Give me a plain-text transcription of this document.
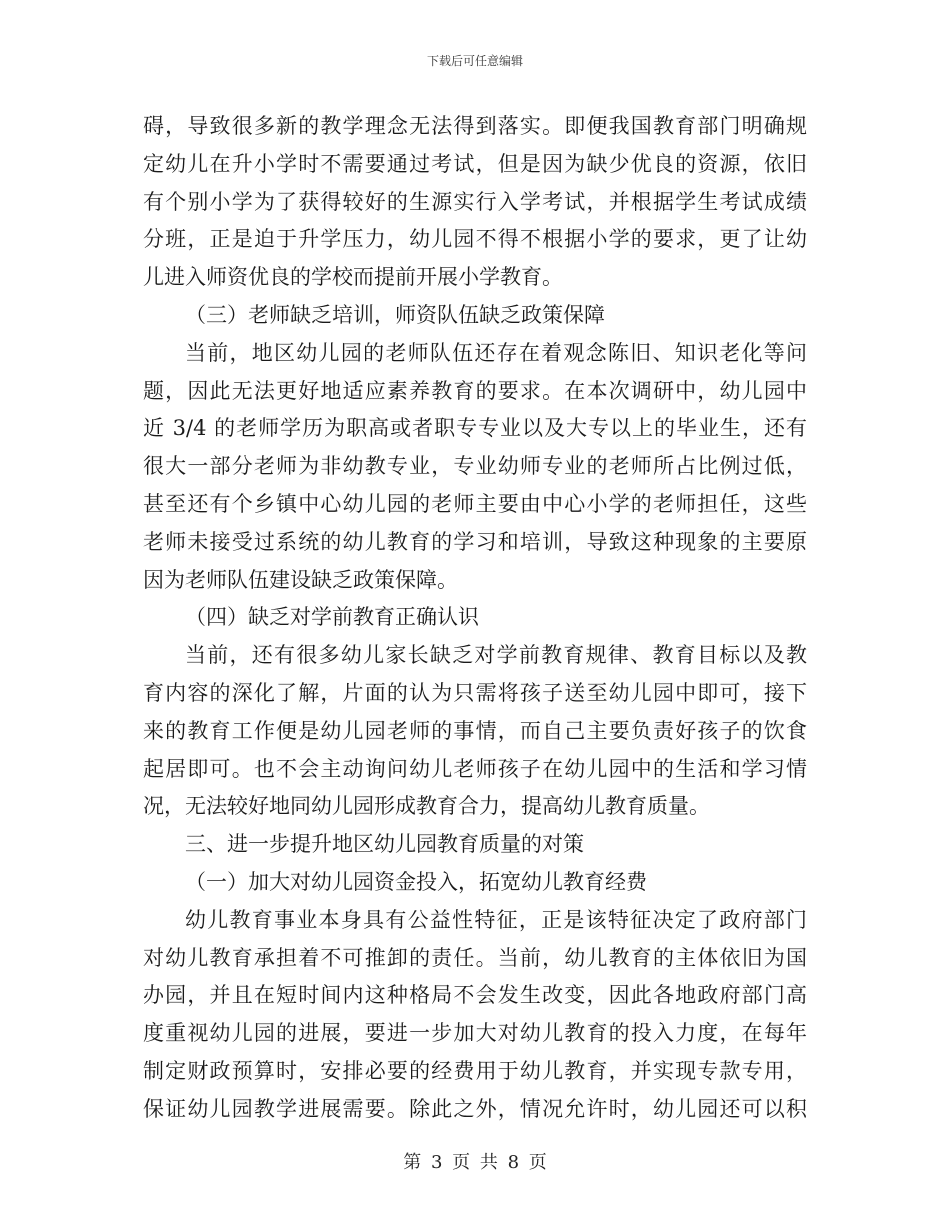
下载后可任意编辑
碍，导致很多新的教学理念无法得到落实。即便我国教育部门明确规
定幼儿在升小学时不需要通过考试，但是因为缺少优良的资源，依旧
有个别小学为了获得较好的生源实行入学考试，并根据学生考试成绩
分班，正是迫于升学压力，幼儿园不得不根据小学的要求，更了让幼
儿进入师资优良的学校而提前开展小学教育。
（三）老师缺乏培训，师资队伍缺乏政策保障
当前，地区幼儿园的老师队伍还存在着观念陈旧、知识老化等问
题，因此无法更好地适应素养教育的要求。在本次调研中，幼儿园中
近 3/4 的老师学历为职高或者职专专业以及大专以上的毕业生，还有
很大一部分老师为非幼教专业，专业幼师专业的老师所占比例过低，
甚至还有个乡镇中心幼儿园的老师主要由中心小学的老师担任，这些
老师未接受过系统的幼儿教育的学习和培训，导致这种现象的主要原
因为老师队伍建设缺乏政策保障。
（四）缺乏对学前教育正确认识
当前，还有很多幼儿家长缺乏对学前教育规律、教育目标以及教
育内容的深化了解，片面的认为只需将孩子送至幼儿园中即可，接下
来的教育工作便是幼儿园老师的事情，而自己主要负责好孩子的饮食
起居即可。也不会主动询问幼儿老师孩子在幼儿园中的生活和学习情
况，无法较好地同幼儿园形成教育合力，提高幼儿教育质量。
三、进一步提升地区幼儿园教育质量的对策
（一）加大对幼儿园资金投入，拓宽幼儿教育经费
幼儿教育事业本身具有公益性特征，正是该特征决定了政府部门
对幼儿教育承担着不可推卸的责任。当前，幼儿教育的主体依旧为国
办园，并且在短时间内这种格局不会发生改变，因此各地政府部门高
度重视幼儿园的进展，要进一步加大对幼儿教育的投入力度，在每年
制定财政预算时，安排必要的经费用于幼儿教育，并实现专款专用，
保证幼儿园教学进展需要。除此之外，情况允许时，幼儿园还可以积
第 3 页 共 8 页
